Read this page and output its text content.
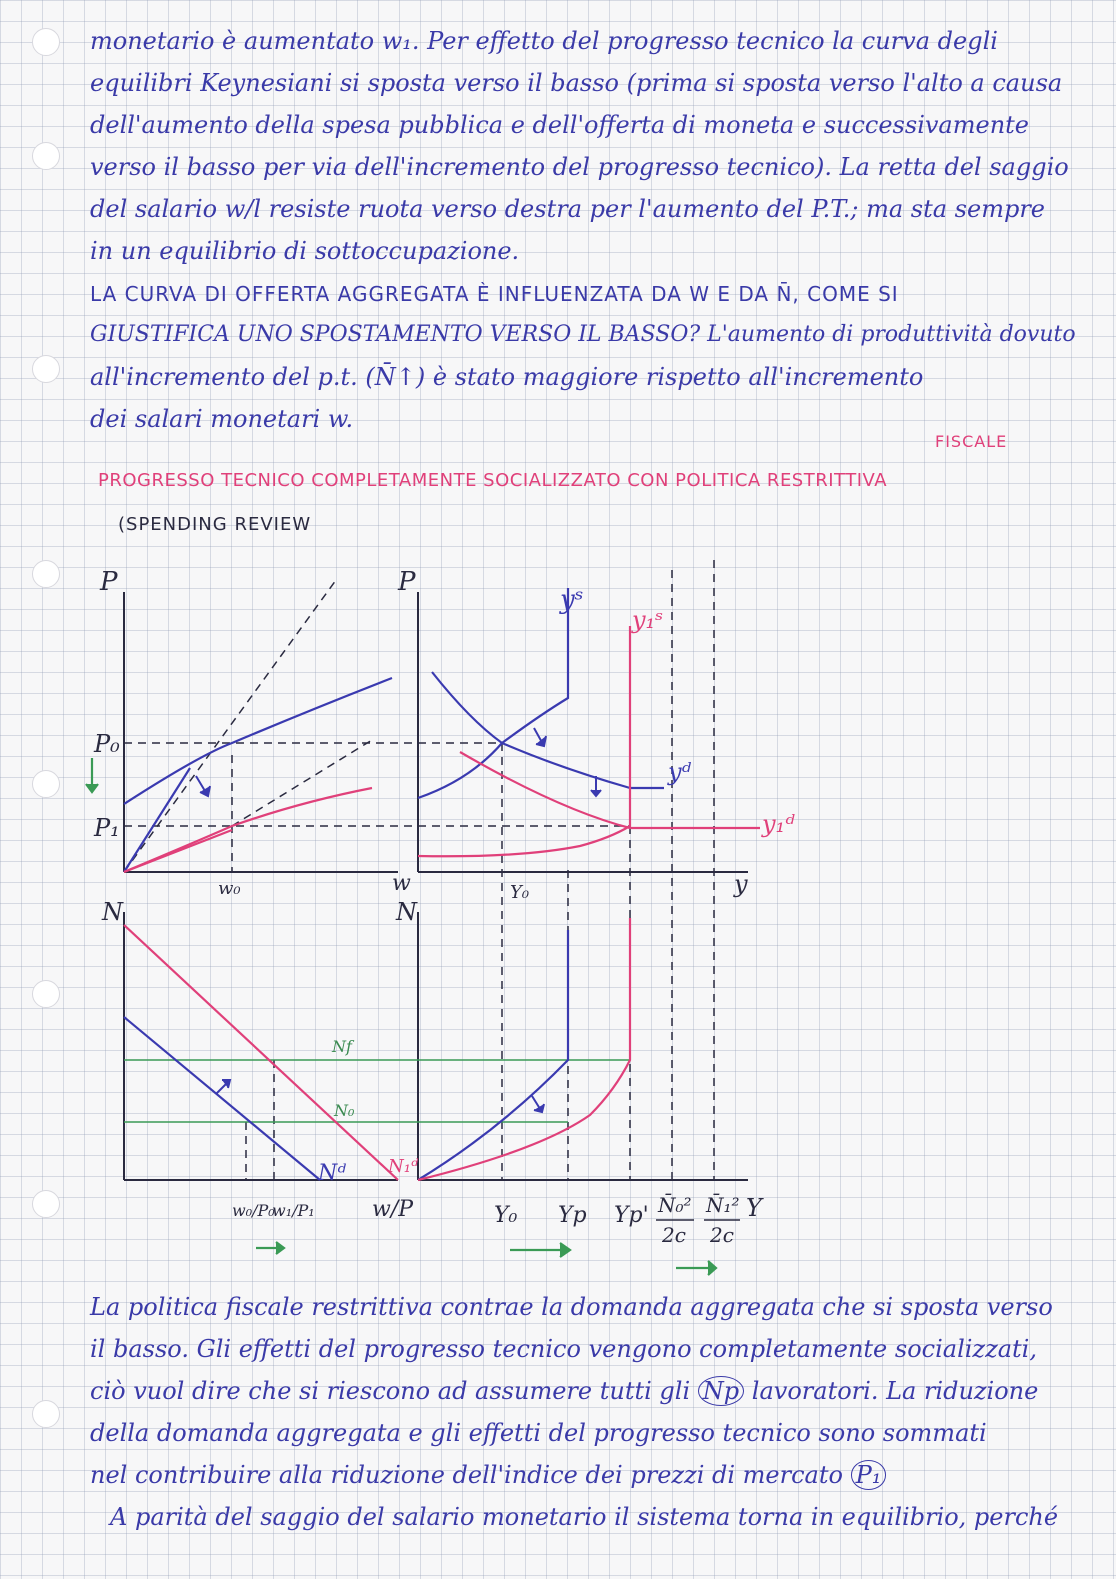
monetario è aumentato w₁. Per effetto del progresso tecnico la curva degli
equilibri Keynesiani si sposta verso il basso (prima si sposta verso l'alto a causa
dell'aumento della spesa pubblica e dell'offerta di moneta e successivamente
verso il basso per via dell'incremento del progresso tecnico). La retta del saggio
del salario w/l resiste ruota verso destra per l'aumento del P.T.; ma sta sempre
in un equilibrio di sottoccupazione.
LA CURVA DI OFFERTA AGGREGATA È INFLUENZATA DA W E DA N̄, COME SI
GIUSTIFICA UNO SPOSTAMENTO VERSO IL BASSO? L'aumento di produttività dovuto
all'incremento del p.t. (N̄↑) è stato maggiore rispetto all'incremento
dei salari monetari w.
FISCALE
PROGRESSO TECNICO COMPLETAMENTE SOCIALIZZATO CON POLITICA RESTRITTIVA
(SPENDING REVIEW
P	P
P₀
P₁
w
w₀	y
Y₀
yˢ
y₁ˢ
yᵈ
y₁ᵈ
N	N
Nf
N₀
Nᵈ N₁ᵈ
w/P
w₀/P₀
w₁/P₁	Y₀ Yp Yp' N̄₀²
2c
N̄₁²
2c
Y
La politica fiscale restrittiva contrae la domanda aggregata che si sposta verso
il basso. Gli effetti del progresso tecnico vengono completamente socializzati,
ciò vuol dire che si riescono ad assumere tutti gli Np lavoratori. La riduzione
della domanda aggregata e gli effetti del progresso tecnico sono sommati
nel contribuire alla riduzione dell'indice dei prezzi di mercato P₁
A parità del saggio del salario monetario il sistema torna in equilibrio, perché
